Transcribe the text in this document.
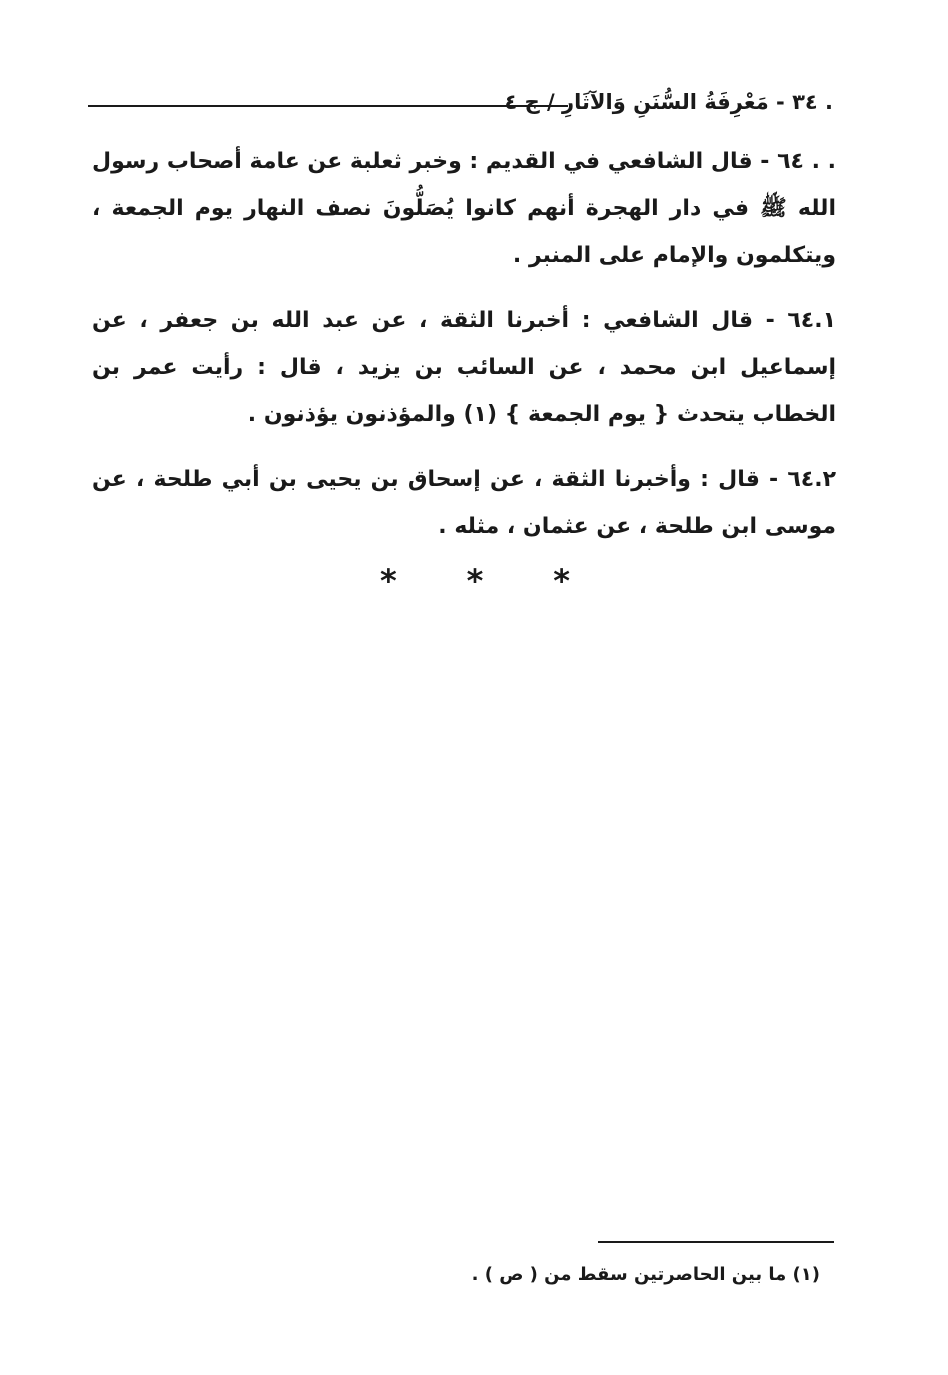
. ٣٤ - مَعْرِفَةُ السُّنَنِ وَالآثَارِ / ج ٤

. . ٦٤ - قال الشافعي في القديم : وخبر ثعلبة عن عامة أصحاب رسول الله ﷺ في دار الهجرة أنهم كانوا يُصَلُّونَ نصف النهار يوم الجمعة ، ويتكلمون والإمام على المنبر .

٦٤.١ - قال الشافعي : أخبرنا الثقة ، عن عبد الله بن جعفر ، عن إسماعيل ابن محمد ، عن السائب بن يزيد ، قال : رأيت عمر بن الخطاب يتحدث { يوم الجمعة } (١) والمؤذنون يؤذنون .

٦٤.٢ - قال : وأخبرنا الثقة ، عن إسحاق بن يحيى بن أبي طلحة ، عن موسى ابن طلحة ، عن عثمان ، مثله .

* * *
(١) ما بين الحاصرتين سقط من ( ص ) .
